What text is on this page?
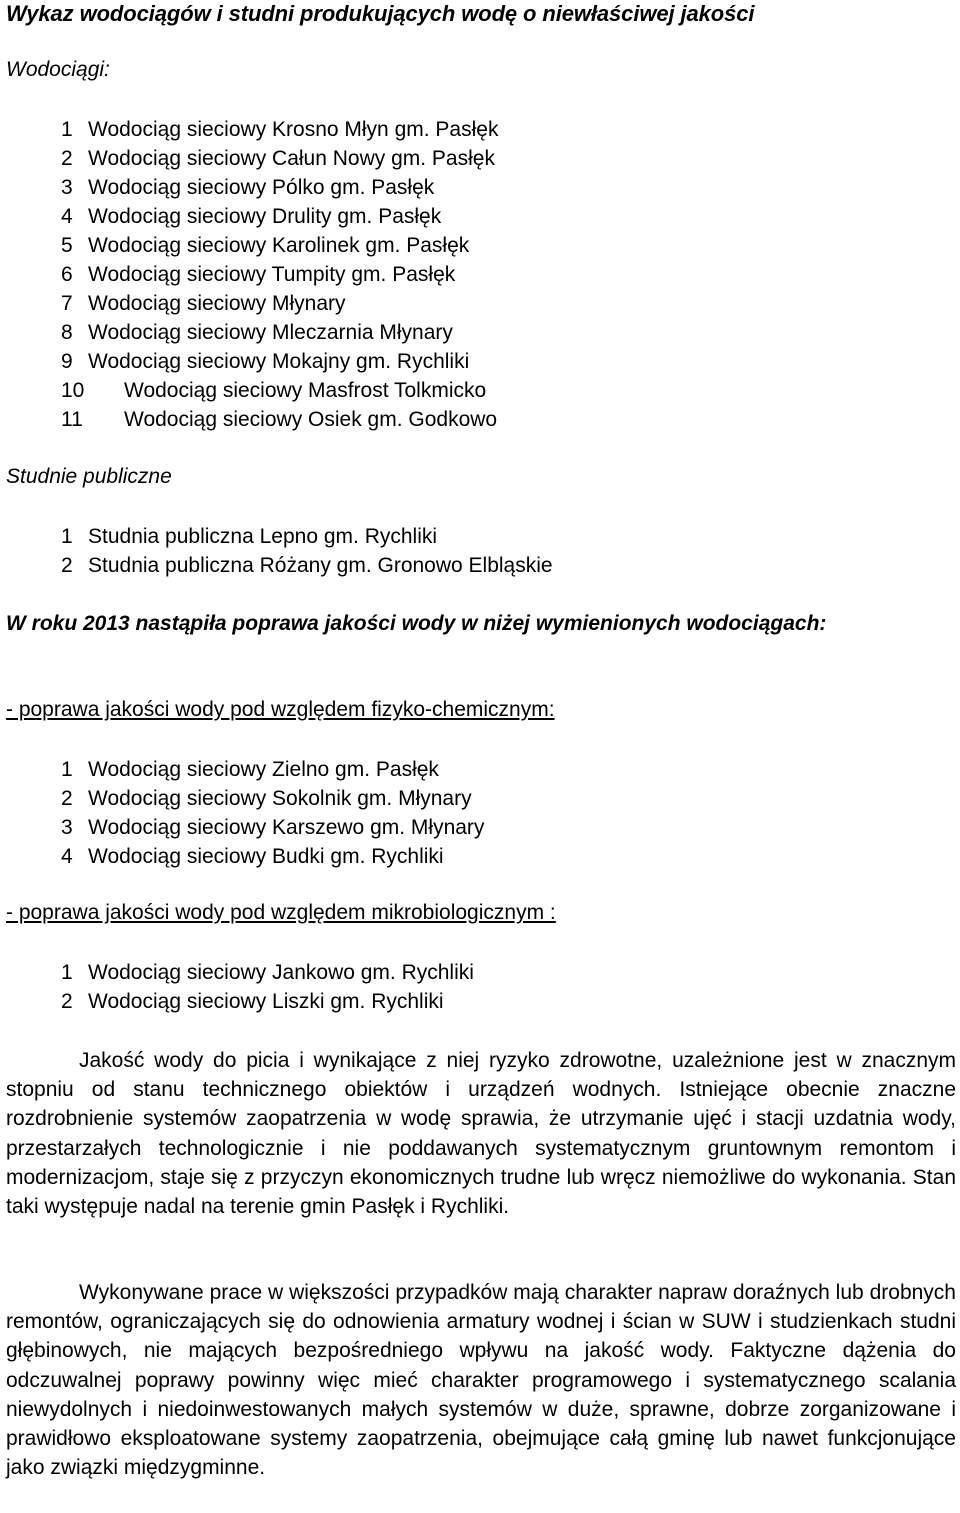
Wykaz wodociągów i studni produkujących wodę o niewłaściwej jakości
Wodociągi:
1 Wodociąg sieciowy Krosno Młyn gm. Pasłęk
2 Wodociąg sieciowy Całun Nowy gm. Pasłęk
3 Wodociąg sieciowy Pólko gm. Pasłęk
4 Wodociąg sieciowy Drulity gm. Pasłęk
5 Wodociąg sieciowy Karolinek gm. Pasłęk
6 Wodociąg sieciowy Tumpity gm. Pasłęk
7 Wodociąg sieciowy Młynary
8 Wodociąg sieciowy Mleczarnia Młynary
9 Wodociąg sieciowy Mokajny gm. Rychliki
10	Wodociąg sieciowy Masfrost Tolkmicko
11	Wodociąg sieciowy Osiek gm. Godkowo
Studnie publiczne
1 Studnia publiczna Lepno gm. Rychliki
2 Studnia publiczna Różany gm. Gronowo Elbląskie
W roku 2013 nastąpiła poprawa jakości wody w niżej wymienionych wodociągach:
- poprawa jakości wody pod względem fizyko-chemicznym:
1 Wodociąg sieciowy Zielno gm. Pasłęk
2 Wodociąg sieciowy Sokolnik gm. Młynary
3 Wodociąg sieciowy Karszewo gm. Młynary
4 Wodociąg sieciowy Budki gm. Rychliki
- poprawa jakości wody pod względem mikrobiologicznym :
1 Wodociąg sieciowy Jankowo gm. Rychliki
2 Wodociąg sieciowy Liszki gm. Rychliki

Jakość wody do picia i wynikające z niej ryzyko zdrowotne, uzależnione jest w znacznym stopniu od stanu technicznego obiektów i urządzeń wodnych. Istniejące obecnie znaczne rozdrobnienie systemów zaopatrzenia w wodę sprawia, że utrzymanie ujęć i stacji uzdatnia wody, przestarzałych technologicznie i nie poddawanych systematycznym gruntownym remontom i modernizacjom, staje się z przyczyn ekonomicznych trudne lub wręcz niemożliwe do wykonania. Stan taki występuje nadal na terenie gmin Pasłęk i Rychliki.

Wykonywane prace w większości przypadków mają charakter napraw doraźnych lub drobnych remontów, ograniczających się do odnowienia armatury wodnej i ścian w SUW i studzienkach studni głębinowych, nie mających bezpośredniego wpływu na jakość wody. Faktyczne dążenia do odczuwalnej poprawy powinny więc mieć charakter programowego i systematycznego scalania niewydolnych i niedoinwestowanych małych systemów w duże, sprawne, dobrze zorganizowane i prawidłowo eksploatowane systemy zaopatrzenia, obejmujące całą gminę lub nawet funkcjonujące jako związki międzygminne.
